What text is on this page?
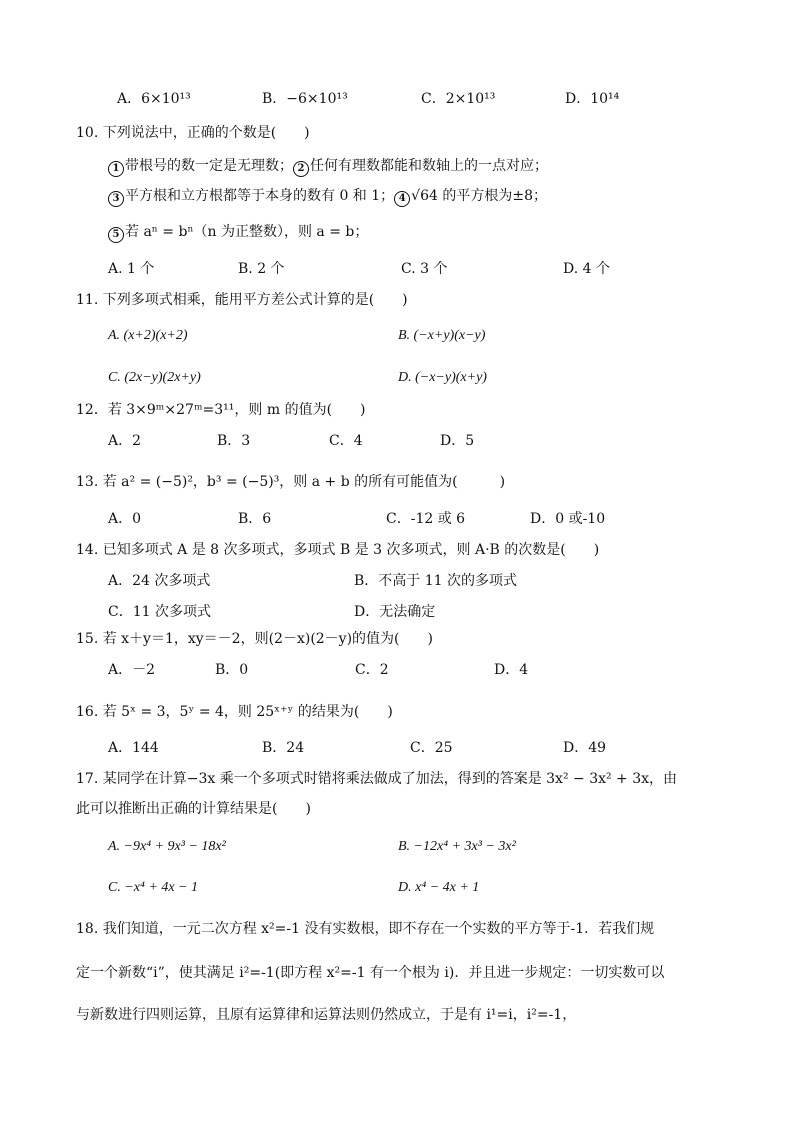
A．6×10¹³	B．−6×10¹³	C．2×10¹³	D．10¹⁴
10. 下列说法中，正确的个数是(　　)
1 带根号的数一定是无理数； 2 任何有理数都能和数轴上的一点对应；
3 平方根和立方根都等于本身的数有 0 和 1； 4 √64 的平方根为±8；
5 若 aⁿ = bⁿ（n 为正整数），则 a = b；
A. 1 个	B. 2 个	C. 3 个	D. 4 个
11. 下列多项式相乘，能用平方差公式计算的是(　　)
A. (x+2)(x+2)	B. (−x+y)(x−y)
C. (2x−y)(2x+y)	D. (−x−y)(x+y)
12．若 3×9ᵐ×27ᵐ=3¹¹，则 m 的值为(　　)
A．2	B．3	C．4	D．5
13. 若 a² = (−5)²，b³ = (−5)³，则 a + b 的所有可能值为(　　　)
A．0	B．6	C．-12 或 6	D．0 或-10
14. 已知多项式 A 是 8 次多项式，多项式 B 是 3 次多项式，则 A·B 的次数是(　　)
A．24 次多项式	B．不高于 11 次的多项式
C．11 次多项式	D．无法确定
15. 若 x＋y＝1，xy＝－2，则(2－x)(2－y)的值为(　　)
A．－2	B．0	C．2	D．4
16. 若 5ˣ = 3，5ʸ = 4，则 25ˣ⁺ʸ 的结果为(　　)
A．144	B．24	C．25	D．49
17. 某同学在计算−3x 乘一个多项式时错将乘法做成了加法，得到的答案是 3x² − 3x² + 3x，由
此可以推断出正确的计算结果是(　　)
A. −9x⁴ + 9x³ − 18x²	B. −12x⁴ + 3x³ − 3x²
C. −x⁴ + 4x − 1	D. x⁴ − 4x + 1
18. 我们知道，一元二次方程 x²=-1 没有实数根，即不存在一个实数的平方等于-1．若我们规
定一个新数“i”，使其满足 i²=-1(即方程 x²=-1 有一个根为 i)．并且进一步规定：一切实数可以
与新数进行四则运算，且原有运算律和运算法则仍然成立，于是有 i¹=i，i²=-1，
